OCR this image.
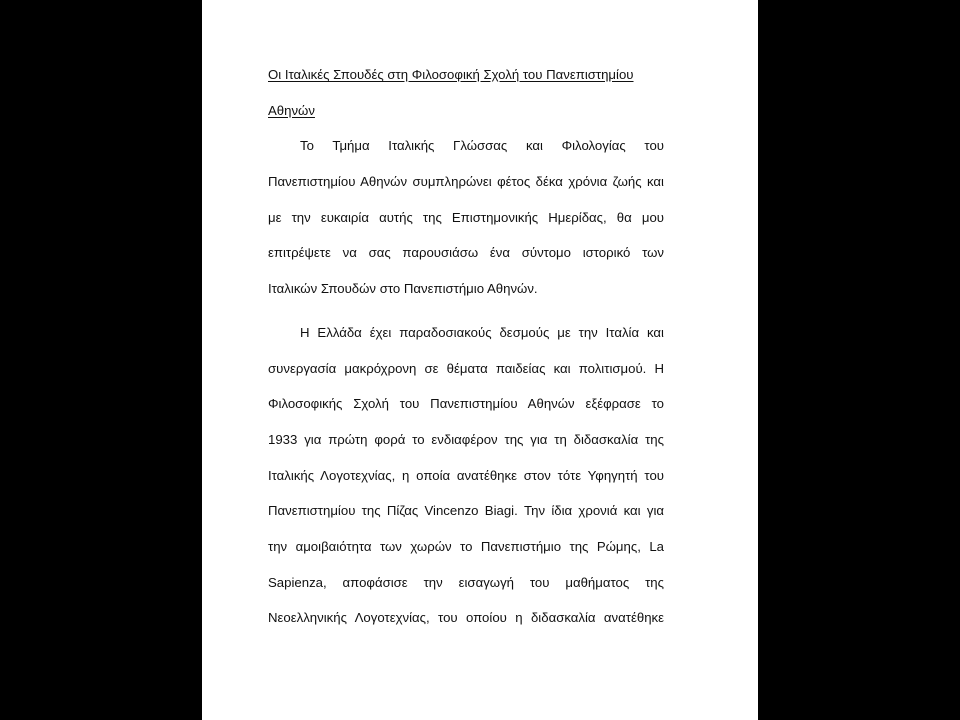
Οι Ιταλικές Σπουδές στη Φιλοσοφική Σχολή του Πανεπιστημίου
Αθηνών
Το Τμήμα Ιταλικής Γλώσσας και Φιλολογίας του
Πανεπιστημίου Αθηνών συμπληρώνει φέτος δέκα χρόνια ζωής και
με την ευκαιρία αυτής της Επιστημονικής Ημερίδας, θα μου
επιτρέψετε να σας παρουσιάσω ένα σύντομο ιστορικό των
Ιταλικών Σπουδών στο Πανεπιστήμιο Αθηνών.
Η Ελλάδα έχει παραδοσιακούς δεσμούς με την Ιταλία και
συνεργασία μακρόχρονη σε θέματα παιδείας και πολιτισμού. Η
Φιλοσοφικής Σχολή του Πανεπιστημίου Αθηνών εξέφρασε το
1933 για πρώτη φορά το ενδιαφέρον της για τη διδασκαλία της
Ιταλικής Λογοτεχνίας, η οποία ανατέθηκε στον τότε Υφηγητή του
Πανεπιστημίου της Πίζας Vincenzo Biagi. Την ίδια χρονιά και για
την αμοιβαιότητα των χωρών το Πανεπιστήμιο της Ρώμης, La
Sapienza, αποφάσισε την εισαγωγή του μαθήματος της
Νεοελληνικής Λογοτεχνίας, του οποίου η διδασκαλία ανατέθηκε
